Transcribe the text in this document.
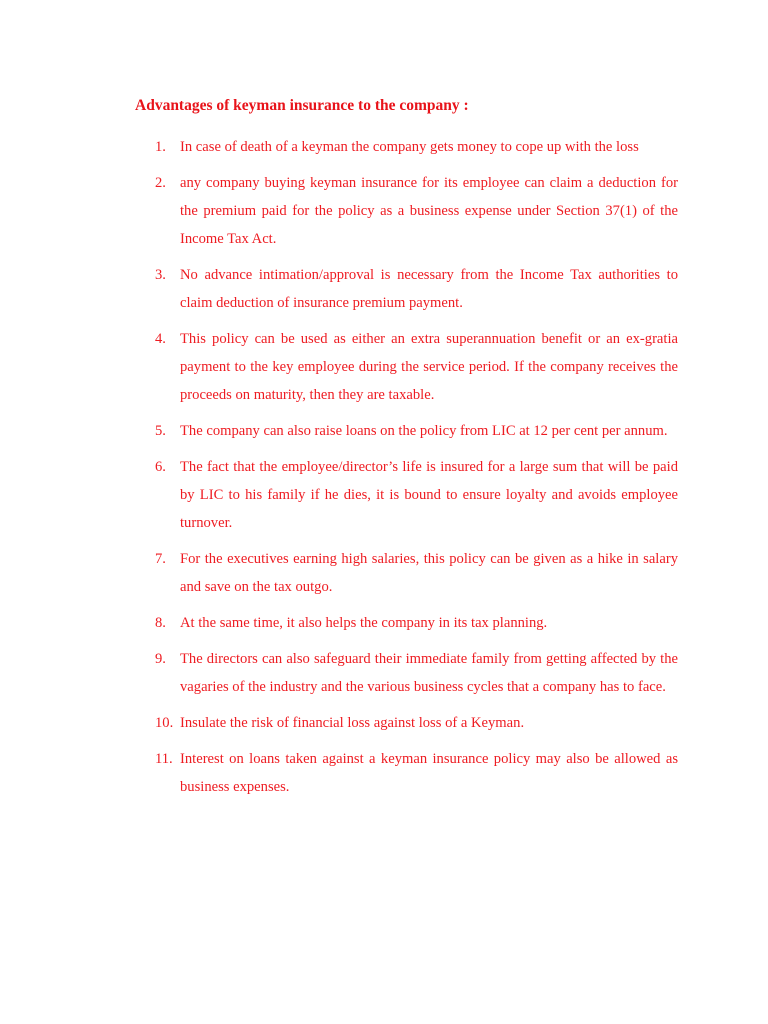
Advantages of keyman insurance to the company :
1. In case of death of a keyman the company gets money to cope up with the loss
2. any company buying keyman insurance for its employee can claim a deduction for the premium paid for the policy as a business expense under Section 37(1) of the Income Tax Act.
3. No advance intimation/approval is necessary from the Income Tax authorities to claim deduction of insurance premium payment.
4. This policy can be used as either an extra superannuation benefit or an ex-gratia payment to the key employee during the service period. If the company receives the proceeds on maturity, then they are taxable.
5. The company can also raise loans on the policy from LIC at 12 per cent per annum.
6. The fact that the employee/director’s life is insured for a large sum that will be paid by LIC to his family if he dies, it is bound to ensure loyalty and avoids employee turnover.
7. For the executives earning high salaries, this policy can be given as a hike in salary and save on the tax outgo.
8. At the same time, it also helps the company in its tax planning.
9. The directors can also safeguard their immediate family from getting affected by the vagaries of the industry and the various business cycles that a company has to face.
10. Insulate the risk of financial loss against loss of a Keyman.
11. Interest on loans taken against a keyman insurance policy may also be allowed as business expenses.
